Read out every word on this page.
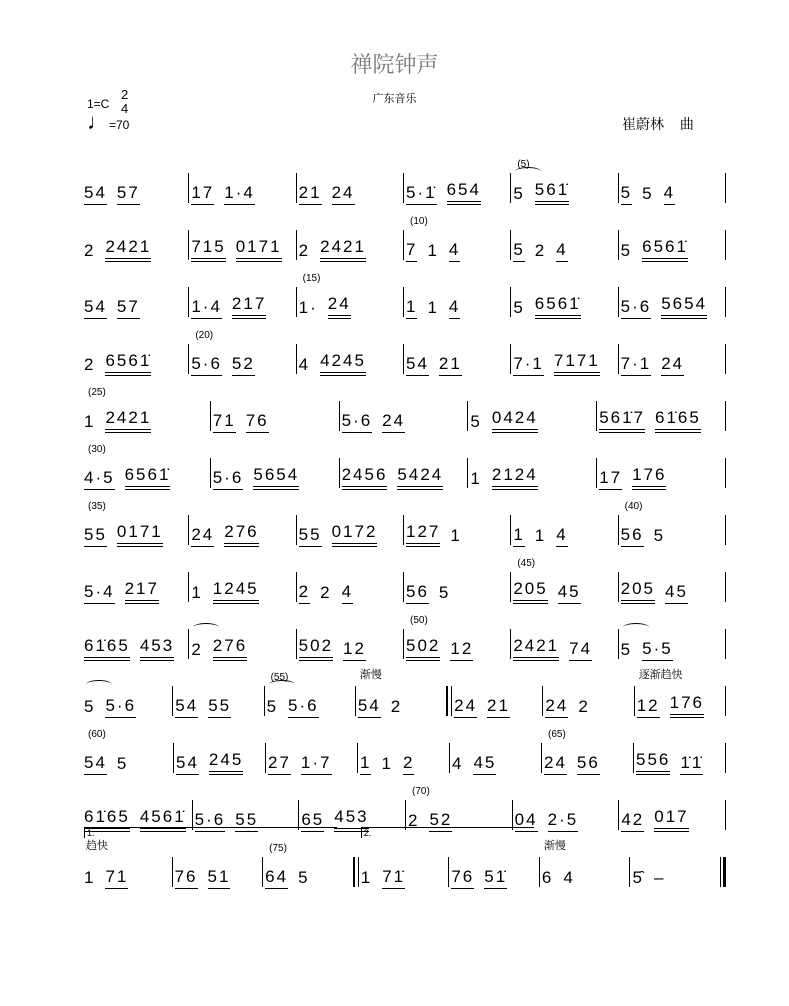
禅院钟声
广东音乐
崔蔚林 曲
1=C
2
4
♩ =70
54 57	17 1·4	21 24	5·1̇ 654
(5)
5 561̇	5 5 4
2 2421 715 0171 2 2421
(10)
7 1 4	5 2 4	5 6561̇
54 57	1·4 217
(15)
1· 24	1 1 4	5 6561̇ 5·6 5654
2 6561̇
(20)
5·6 52	4 4245 54 21	7·1 7171 7·1 24
(25)
1 2421	71 76	5·6 24	5 0424	561̇7 61̇65
(30)
4·5 6561̇ 5·6 5654 2456 5424 1 2124	17 176
(35)
55 0171 24 276 55 0172 127 1	1 1 4
(40)
56 5
5·4 217 1 1245 2 2 4	56 5
(45)
205 45 205 45
61̇65 453 2 276	502 12
(50)
502 12 2421 74 5 5·5
5 5·6 54 55
(55)
5 5·6
渐慢
54 2	24 21 24 2
逐渐趋快
12 176
(60)
54 5	54 245 27 1·7 1 1 2 4 45
(65)
24 56 556 1̇1̇
61̇65 4561̇ 5·6 55	65 453
(70)
2 52	04 2·5	42 017
趋快
1.
1 71	76 51
(75)
64 5
2.
1 71̇	76 51̇
渐慢
6 4	5̑ –
